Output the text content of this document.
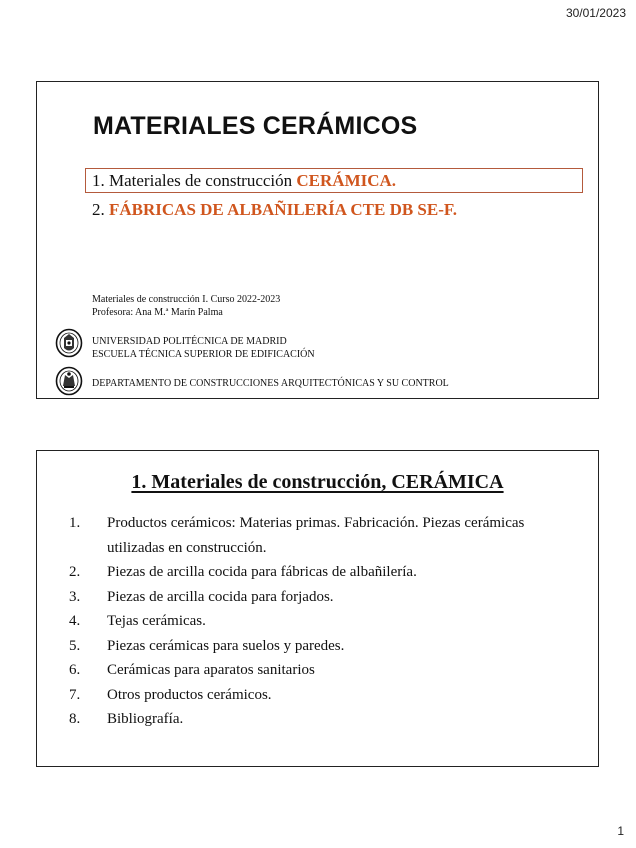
30/01/2023
MATERIALES CERÁMICOS
1. Materiales de construcción CERÁMICA.
2. FÁBRICAS DE ALBAÑILERÍA CTE DB SE-F.
Materiales de construcción I. Curso 2022-2023
Profesora: Ana M.ª Marín Palma
UNIVERSIDAD POLITÉCNICA DE MADRID
ESCUELA TÉCNICA SUPERIOR DE EDIFICACIÓN
DEPARTAMENTO DE CONSTRUCCIONES ARQUITECTÓNICAS Y SU CONTROL
1. Materiales de construcción, CERÁMICA
1.	Productos cerámicos: Materias primas. Fabricación. Piezas cerámicas utilizadas en construcción.
2.	Piezas de arcilla cocida para fábricas de albañilería.
3.	Piezas de arcilla cocida para forjados.
4.	Tejas cerámicas.
5.	Piezas cerámicas para suelos y paredes.
6.	Cerámicas para aparatos sanitarios
7.	Otros productos cerámicos.
8.	Bibliografía.
1
